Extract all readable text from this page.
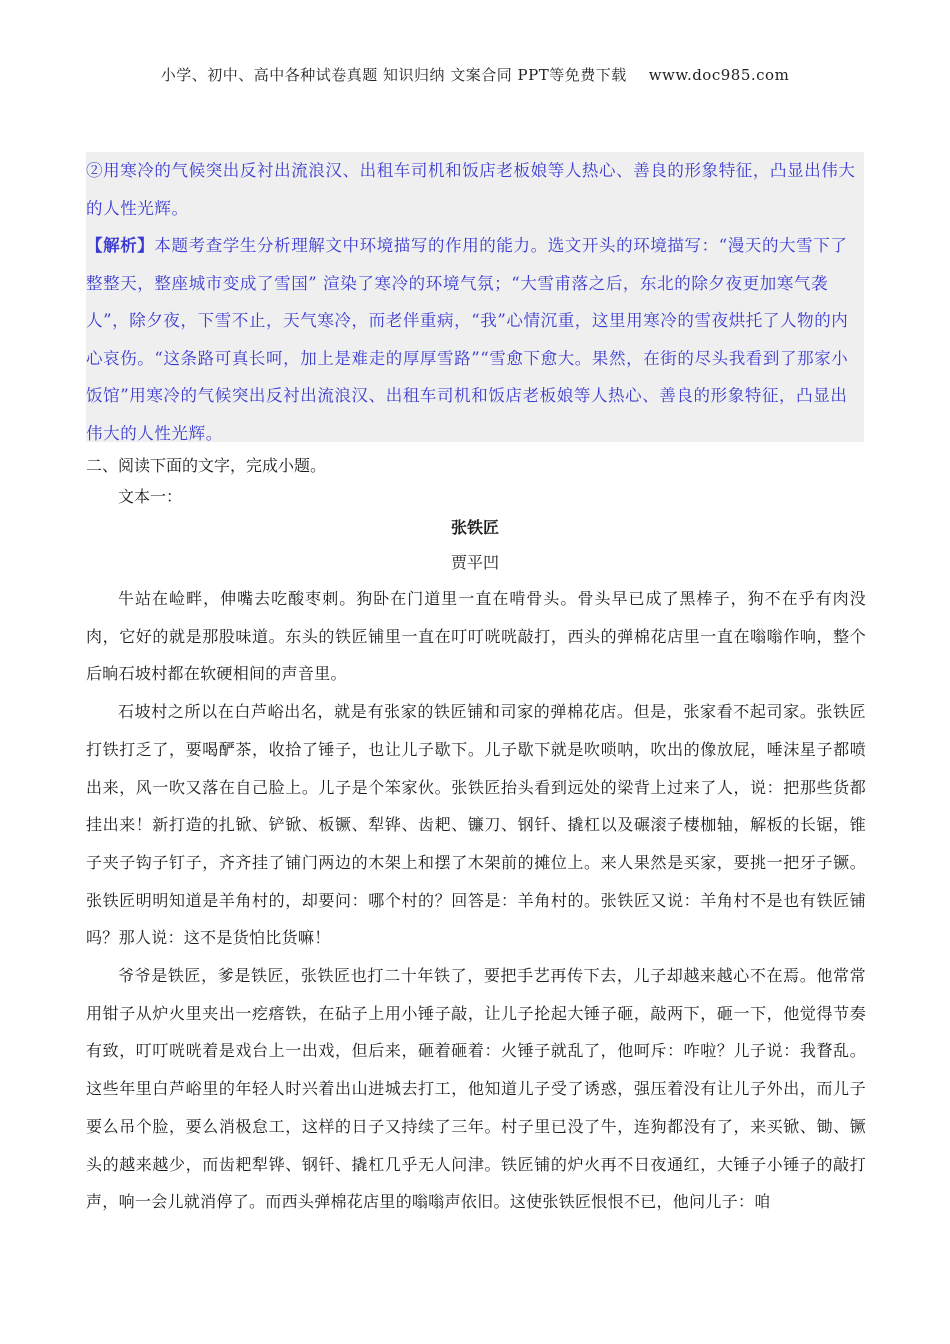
小学、初中、高中各种试卷真题 知识归纳 文案合同 PPT等免费下载 www.doc985.com

②用寒冷的气候突出反衬出流浪汉、出租车司机和饭店老板娘等人热心、善良的形象特征，凸显出伟大的人性光辉。

【解析】本题考查学生分析理解文中环境描写的作用的能力。选文开头的环境描写：“漫天的大雪下了整整天，整座城市变成了雪国” 渲染了寒冷的环境气氛；“大雪甫落之后，东北的除夕夜更加寒气袭人”，除夕夜，下雪不止，天气寒冷，而老伴重病，“我”心情沉重，这里用寒冷的雪夜烘托了人物的内心哀伤。“这条路可真长呵，加上是难走的厚厚雪路”“雪愈下愈大。果然，在街的尽头我看到了那家小饭馆”用寒冷的气候突出反衬出流浪汉、出租车司机和饭店老板娘等人热心、善良的形象特征，凸显出伟大的人性光辉。

二、阅读下面的文字，完成小题。
文本一：
张铁匠
贾平凹

牛站在崄畔，伸嘴去吃酸枣刺。狗卧在门道里一直在啃骨头。骨头早已成了黑棒子，狗不在乎有肉没肉，它好的就是那股味道。东头的铁匠铺里一直在叮叮咣咣敲打，西头的弹棉花店里一直在嗡嗡作响，整个后晌石坡村都在软硬相间的声音里。

石坡村之所以在白芦峪出名，就是有张家的铁匠铺和司家的弹棉花店。但是，张家看不起司家。张铁匠打铁打乏了，要喝酽茶，收拾了锤子，也让儿子歇下。儿子歇下就是吹唢呐，吹出的像放屁，唾沫星子都喷出来，风一吹又落在自己脸上。儿子是个笨家伙。张铁匠抬头看到远处的梁背上过来了人，说：把那些货都挂出来！新打造的扎锨、铲锨、板镢、犁铧、齿耙、镰刀、钢钎、撬杠以及碾滚子棲枷轴，解板的长锯，锥子夹子钩子钉子，齐齐挂了铺门两边的木架上和摆了木架前的摊位上。来人果然是买家，要挑一把牙子镢。张铁匠明明知道是羊角村的，却要问：哪个村的？回答是：羊角村的。张铁匠又说：羊角村不是也有铁匠铺吗？那人说：这不是货怕比货嘛！

爷爷是铁匠，爹是铁匠，张铁匠也打二十年铁了，要把手艺再传下去，儿子却越来越心不在焉。他常常用钳子从炉火里夹出一疙瘩铁，在砧子上用小锤子敲，让儿子抡起大锤子砸，敲两下，砸一下，他觉得节奏有致，叮叮咣咣着是戏台上一出戏，但后来，砸着砸着：火锤子就乱了，他呵斥：咋啦？儿子说：我瞀乱。这些年里白芦峪里的年轻人时兴着出山进城去打工，他知道儿子受了诱惑，强压着没有让儿子外出，而儿子要么吊个脸，要么消极怠工，这样的日子又持续了三年。村子里已没了牛，连狗都没有了，来买锨、锄、镢头的越来越少，而齿耙犁铧、钢钎、撬杠几乎无人问津。铁匠铺的炉火再不日夜通红，大锤子小锤子的敲打声，响一会儿就消停了。而西头弹棉花店里的嗡嗡声依旧。这使张铁匠恨恨不已，他问儿子：咱
